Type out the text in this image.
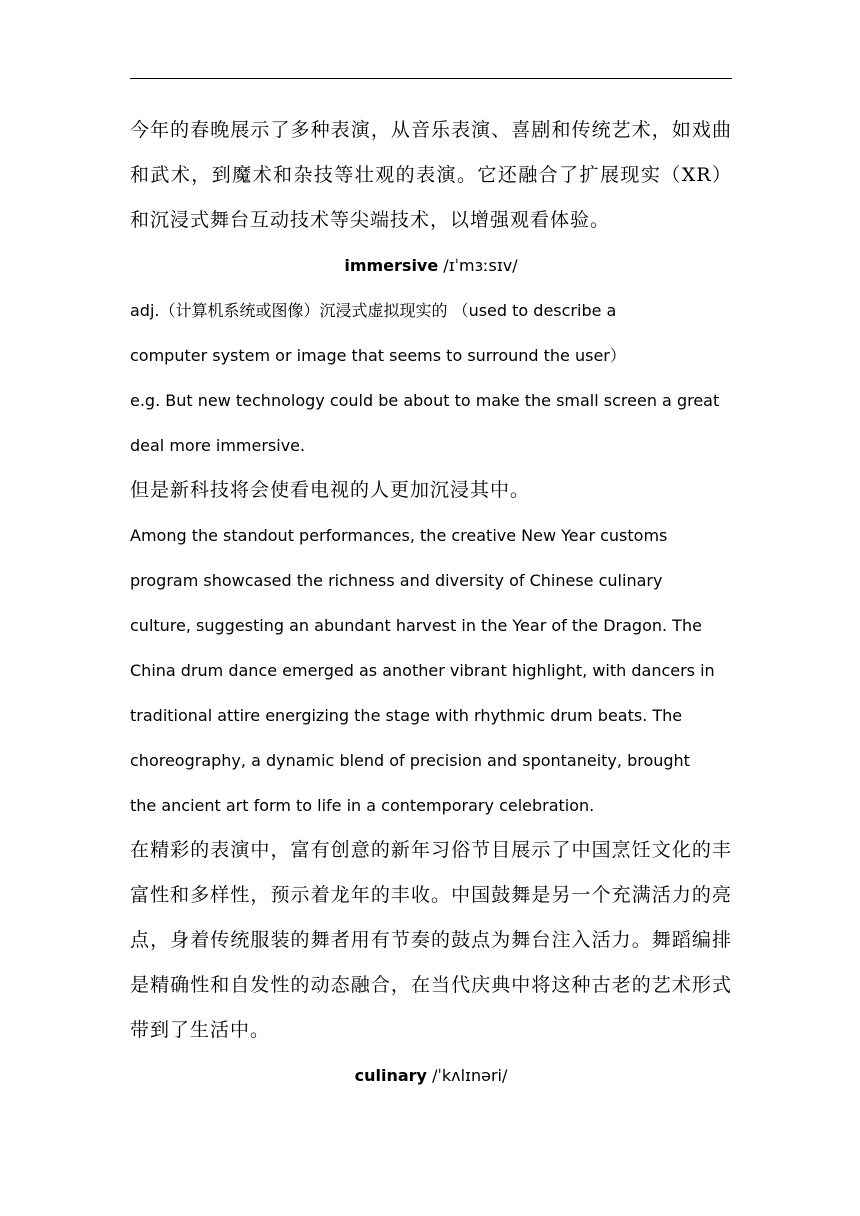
今年的春晚展示了多种表演，从音乐表演、喜剧和传统艺术，如戏曲和武术，到魔术和杂技等壮观的表演。它还融合了扩展现实（XR）和沉浸式舞台互动技术等尖端技术，以增强观看体验。

immersive /ɪˈmɜːsɪv/

adj.（计算机系统或图像）沉浸式虚拟现实的 （used to describe a
computer system or image that seems to surround the user）
e.g. But new technology could be about to make the small screen a great
deal more immersive.

但是新科技将会使看电视的人更加沉浸其中。

Among the standout performances, the creative New Year customs
program showcased the richness and diversity of Chinese culinary
culture, suggesting an abundant harvest in the Year of the Dragon. The
China drum dance emerged as another vibrant highlight, with dancers in
traditional attire energizing the stage with rhythmic drum beats. The
choreography, a dynamic blend of precision and spontaneity, brought
the ancient art form to life in a contemporary celebration.

在精彩的表演中，富有创意的新年习俗节目展示了中国烹饪文化的丰富性和多样性，预示着龙年的丰收。中国鼓舞是另一个充满活力的亮点，身着传统服装的舞者用有节奏的鼓点为舞台注入活力。舞蹈编排是精确性和自发性的动态融合，在当代庆典中将这种古老的艺术形式带到了生活中。

culinary /ˈkʌlɪnəri/
